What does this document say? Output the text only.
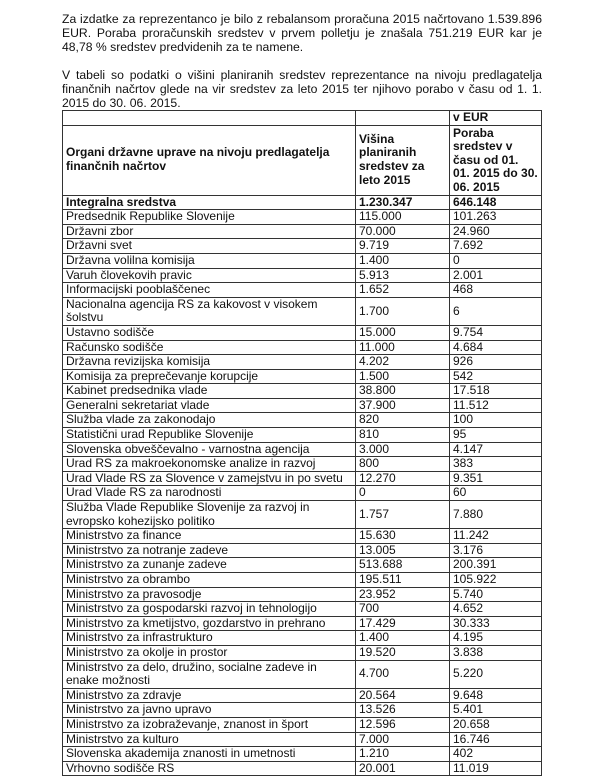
Za izdatke za reprezentanco je bilo z rebalansom proračuna 2015 načrtovano 1.539.896 EUR. Poraba proračunskih sredstev v prvem polletju je znašala 751.219 EUR kar je 48,78 % sredstev predvidenih za te namene.

V tabeli so podatki o višini planiranih sredstev reprezentance na nivoju predlagatelja finančnih načrtov glede na vir sredstev za leto 2015 ter njihovo porabo v času od 1. 1. 2015 do 30. 06. 2015.

		v EUR
Organi državne uprave na nivoju predlagatelja finančnih načrtov	Višina planiranih sredstev za leto 2015	Poraba sredstev v času od 01. 01. 2015 do 30. 06. 2015
Integralna sredstva	1.230.347	646.148
Predsednik Republike Slovenije	115.000	101.263
Državni zbor	70.000	24.960
Državni svet	9.719	7.692
Državna volilna komisija	1.400	0
Varuh človekovih pravic	5.913	2.001
Informacijski pooblaščenec	1.652	468
Nacionalna agencija RS za kakovost v visokem šolstvu	1.700	6
Ustavno sodišče	15.000	9.754
Računsko sodišče	11.000	4.684
Državna revizijska komisija	4.202	926
Komisija za preprečevanje korupcije	1.500	542
Kabinet predsednika vlade	38.800	17.518
Generalni sekretariat vlade	37.900	11.512
Služba vlade za zakonodajo	820	100
Statistični urad Republike Slovenije	810	95
Slovenska obveščevalno - varnostna agencija	3.000	4.147
Urad RS za makroekonomske analize in razvoj	800	383
Urad Vlade RS za Slovence v zamejstvu in po svetu	12.270	9.351
Urad Vlade RS za narodnosti	0	60
Služba Vlade Republike Slovenije za razvoj in evropsko kohezijsko politiko	1.757	7.880
Ministrstvo za finance	15.630	11.242
Ministrstvo za notranje zadeve	13.005	3.176
Ministrstvo za zunanje zadeve	513.688	200.391
Ministrstvo za obrambo	195.511	105.922
Ministrstvo za pravosodje	23.952	5.740
Ministrstvo za gospodarski razvoj in tehnologijo	700	4.652
Ministrstvo za kmetijstvo, gozdarstvo in prehrano	17.429	30.333
Ministrstvo za infrastrukturo	1.400	4.195
Ministrstvo za okolje in prostor	19.520	3.838
Ministrstvo za delo, družino, socialne zadeve in enake možnosti	4.700	5.220
Ministrstvo za zdravje	20.564	9.648
Ministrstvo za javno upravo	13.526	5.401
Ministrstvo za izobraževanje, znanost in šport	12.596	20.658
Ministrstvo za kulturo	7.000	16.746
Slovenska akademija znanosti in umetnosti	1.210	402
Vrhovno sodišče RS	20.001	11.019
